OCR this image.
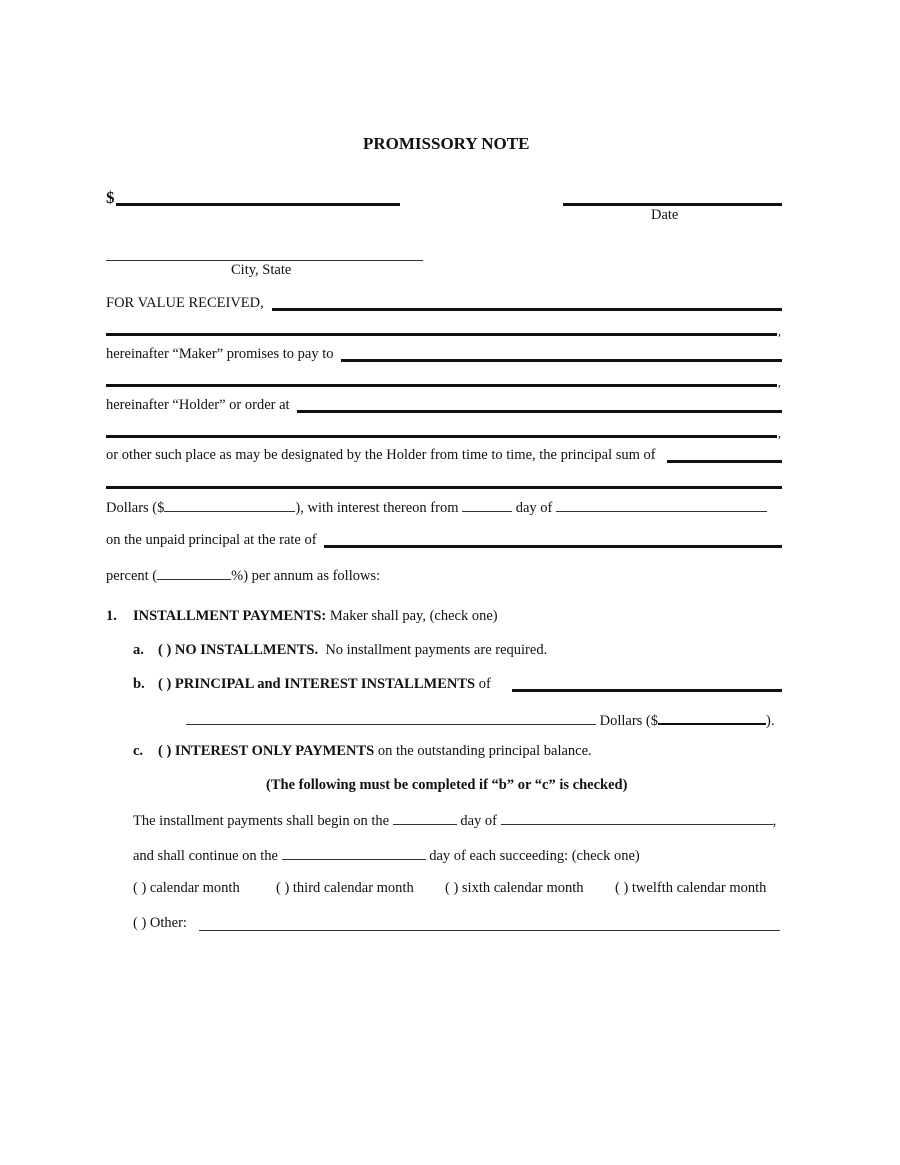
PROMISSORY NOTE
$
Date
City, State
FOR VALUE RECEIVED,
,
hereinafter “Maker” promises to pay to
,
hereinafter “Holder” or order at
,
or other such place as may be designated by the Holder from time to time, the principal sum of
Dollars ($	), with interest thereon from	day of
on the unpaid principal at the rate of
percent (	%) per annum as follows:
1. INSTALLMENT PAYMENTS: Maker shall pay, (check one)
a. ( ) NO INSTALLMENTS. No installment payments are required.
b. ( ) PRINCIPAL and INTEREST INSTALLMENTS of
Dollars ($	).
c. ( ) INTEREST ONLY PAYMENTS on the outstanding principal balance.
(The following must be completed if “b” or “c” is checked)
The installment payments shall begin on the	day of	,
and shall continue on the	day of each succeeding: (check one)
( ) calendar month	( ) third calendar month ( ) sixth calendar month ( ) twelfth calendar month
( ) Other:
